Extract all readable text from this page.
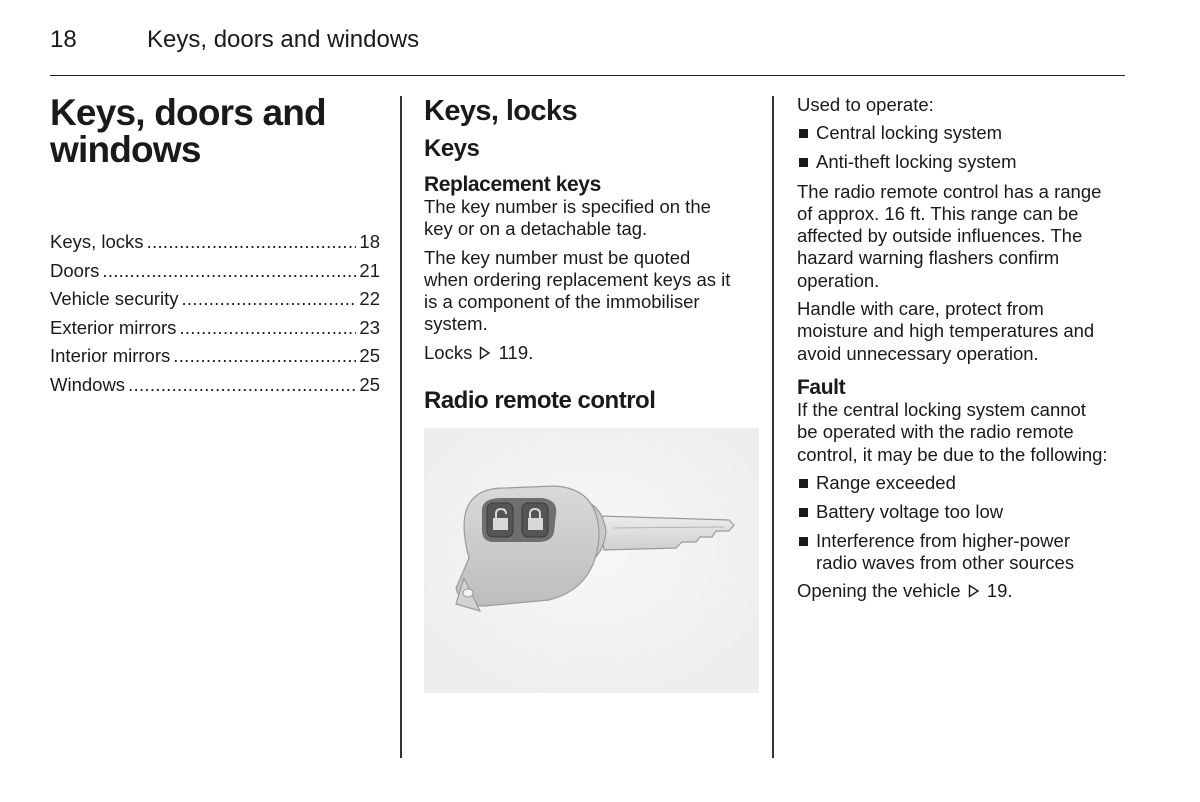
18	Keys, doors and windows
Keys, doors and
windows
Keys, locks .....	18
Doors .....	21
Vehicle security .....	22
Exterior mirrors .....	23
Interior mirrors .....	25
Windows .....	25
Keys, locks
Keys
Replacement keys

The key number is specified on the
key or on a detachable tag.

The key number must be quoted
when ordering replacement keys as it
is a component of the immobiliser
system.

Locks 119.

Radio remote control

Used to operate:

Central locking system
Anti-theft locking system

The radio remote control has a range
of approx. 16 ft. This range can be
affected by outside influences. The
hazard warning flashers confirm
operation.

Handle with care, protect from
moisture and high temperatures and
avoid unnecessary operation.

Fault

If the central locking system cannot
be operated with the radio remote
control, it may be due to the following:

Range exceeded
Battery voltage too low
Interference from higher-power
radio waves from other sources

Opening the vehicle 19.
